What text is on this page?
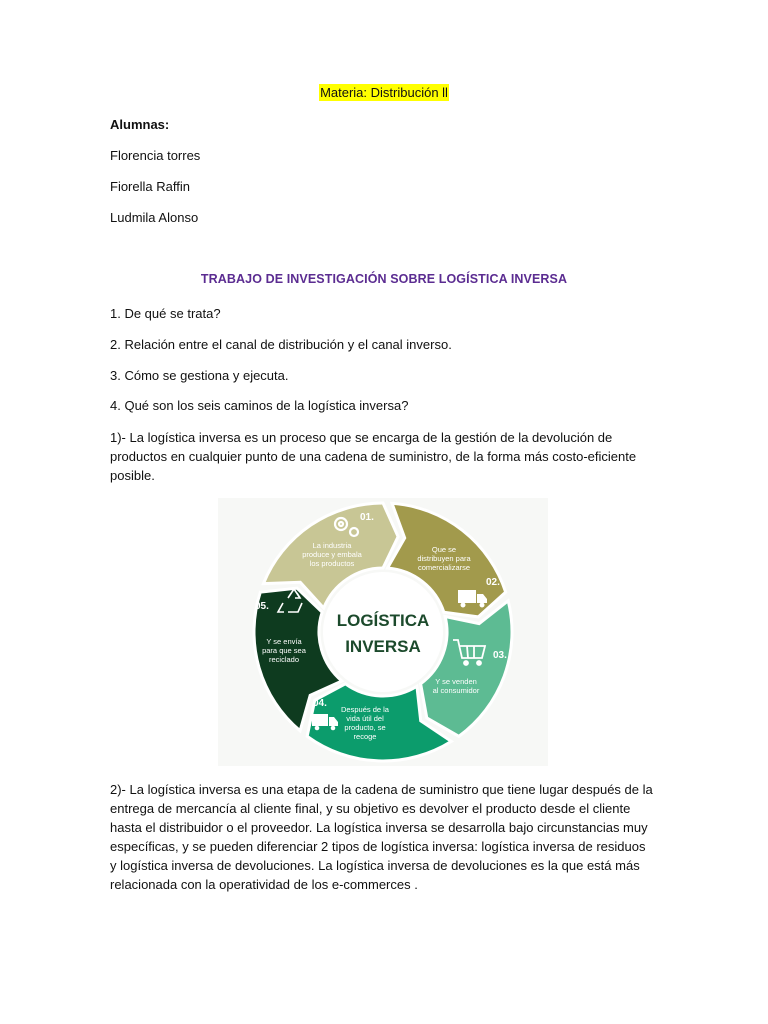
Materia: Distribución ll
Alumnas:
Florencia torres
Fiorella Raffin
Ludmila Alonso
TRABAJO DE INVESTIGACIÓN SOBRE LOGÍSTICA INVERSA
1. De qué se trata?
2. Relación entre el canal de distribución y el canal inverso.
3. Cómo se gestiona y ejecuta.
4. Qué son los seis caminos de la logística inversa?

1)- La logística inversa es un proceso que se encarga de la gestión de la devolución de productos en cualquier punto de una cadena de suministro, de la forma más costo-eficiente posible.

LOGÍSTICA
INVERSA
01.
La industria
produce y embala
los productos
Que se
distribuyen para
comercializarse
02.
03.
Y se venden
al consumidor
04.
Después de la
vida útil del
producto, se
recoge
05.
Y se envía
para que sea
reciclado

2)- La logística inversa es una etapa de la cadena de suministro que tiene lugar después de la entrega de mercancía al cliente final, y su objetivo es devolver el producto desde el cliente hasta el distribuidor o el proveedor. La logística inversa se desarrolla bajo circunstancias muy específicas, y se pueden diferenciar 2 tipos de logística inversa: logística inversa de residuos y logística inversa de devoluciones. La logística inversa de devoluciones es la que está más relacionada con la operatividad de los e-commerces .
